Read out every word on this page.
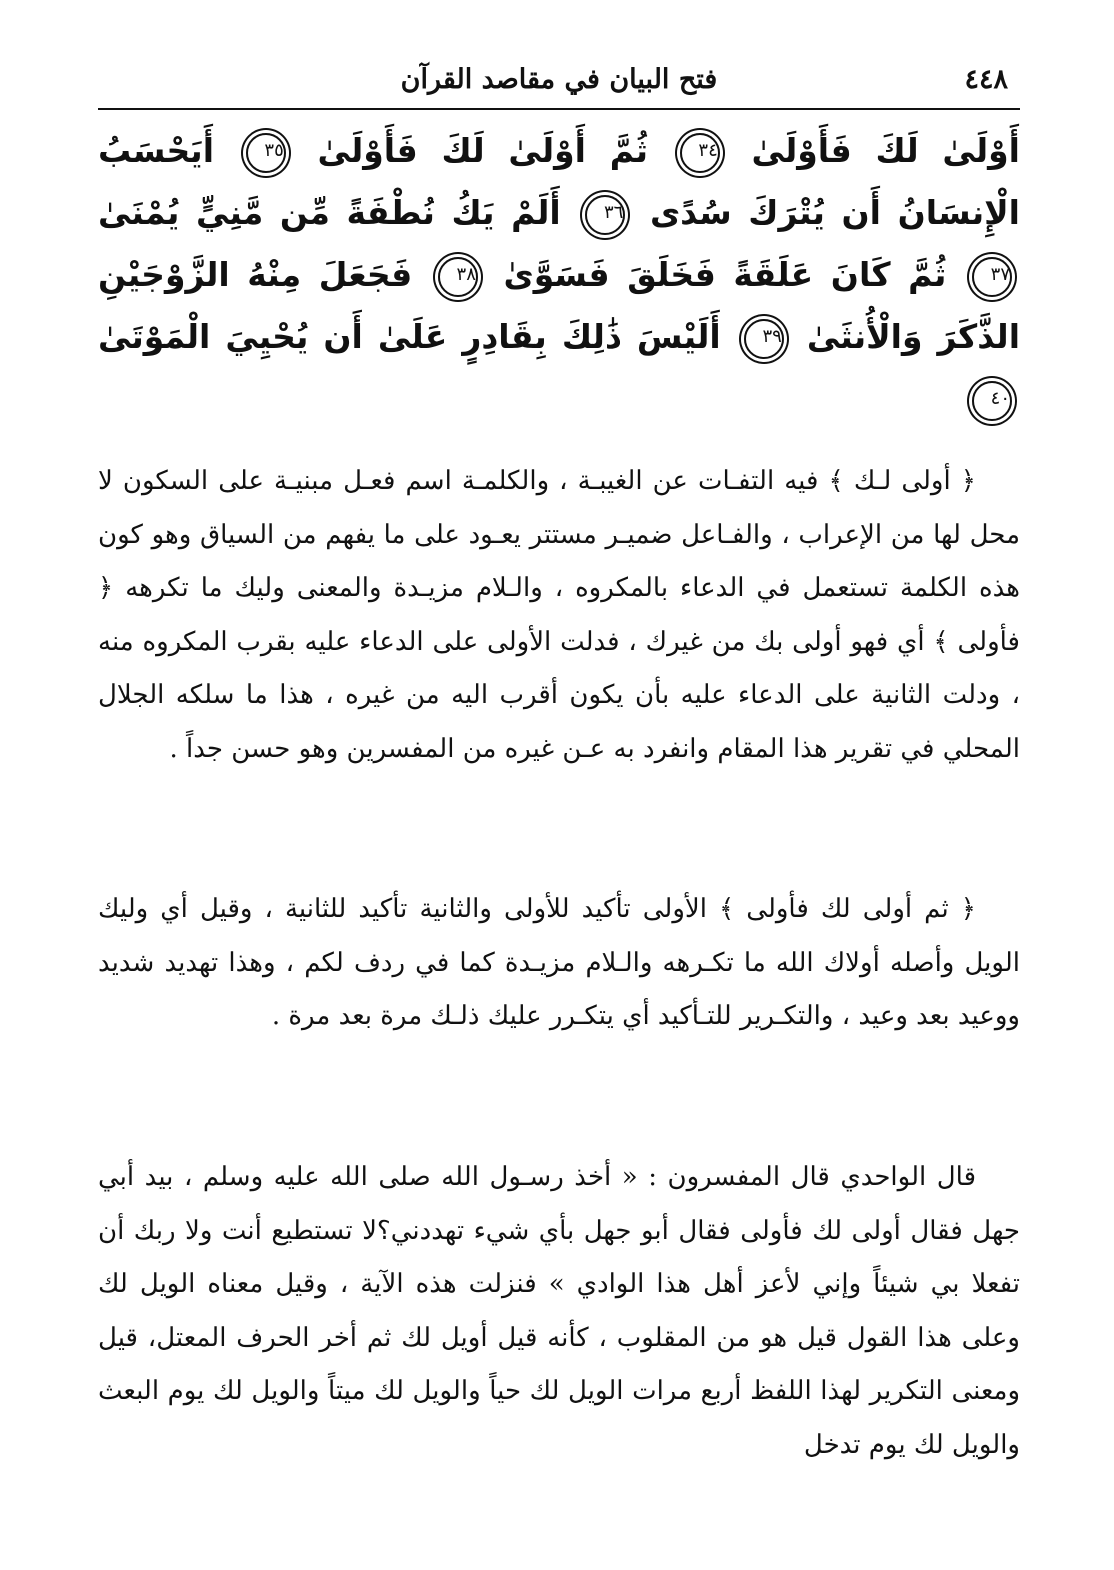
٤٤٨
فتح البيان في مقاصد القرآن
أَوْلَىٰ لَكَ فَأَوْلَىٰ ٣٤ ثُمَّ أَوْلَىٰ لَكَ فَأَوْلَىٰ ٣٥ أَيَحْسَبُ الْإِنسَانُ أَن يُتْرَكَ سُدًى ٣٦ أَلَمْ يَكُ نُطْفَةً مِّن مَّنِيٍّ يُمْنَىٰ ٣٧ ثُمَّ كَانَ عَلَقَةً فَخَلَقَ فَسَوَّىٰ ٣٨ فَجَعَلَ مِنْهُ الزَّوْجَيْنِ الذَّكَرَ وَالْأُنثَىٰ ٣٩ أَلَيْسَ ذَٰلِكَ بِقَادِرٍ عَلَىٰ أَن يُحْيِيَ الْمَوْتَىٰ ٤٠

﴿ أولى لـك ﴾ فيه التفـات عن الغيبـة ، والكلمـة اسم فعـل مبنيـة على السكون لا محل لها من الإعراب ، والفـاعل ضميـر مستتر يعـود على ما يفهم من السياق وهو كون هذه الكلمة تستعمل في الدعاء بالمكروه ، والـلام مزيـدة والمعنى وليك ما تكرهه ﴿ فأولى ﴾ أي فهو أولى بك من غيرك ، فدلت الأولى على الدعاء عليه بقرب المكروه منه ، ودلت الثانية على الدعاء عليه بأن يكون أقرب اليه من غيره ، هذا ما سلكه الجلال المحلي في تقرير هذا المقام وانفرد به عـن غيره من المفسرين وهو حسن جداً .

﴿ ثم أولى لك فأولى ﴾ الأولى تأكيد للأولى والثانية تأكيد للثانية ، وقيل أي وليك الويل وأصله أولاك الله ما تكـرهه والـلام مزيـدة كما في ردف لكم ، وهذا تهديد شديد ووعيد بعد وعيد ، والتكـرير للتـأكيد أي يتكـرر عليك ذلـك مرة بعد مرة .

قال الواحدي قال المفسرون : « أخذ رسـول الله صلى الله عليه وسلم ، بيد أبي جهل فقال أولى لك فأولى فقال أبو جهل بأي شيء تهددني؟لا تستطيع أنت ولا ربك أن تفعلا بي شيئاً وإني لأعز أهل هذا الوادي » فنزلت هذه الآية ، وقيل معناه الويل لك وعلى هذا القول قيل هو من المقلوب ، كأنه قيل أويل لك ثم أخر الحرف المعتل، قيل ومعنى التكرير لهذا اللفظ أربع مرات الويل لك حياً والويل لك ميتاً والويل لك يوم البعث والويل لك يوم تدخل
